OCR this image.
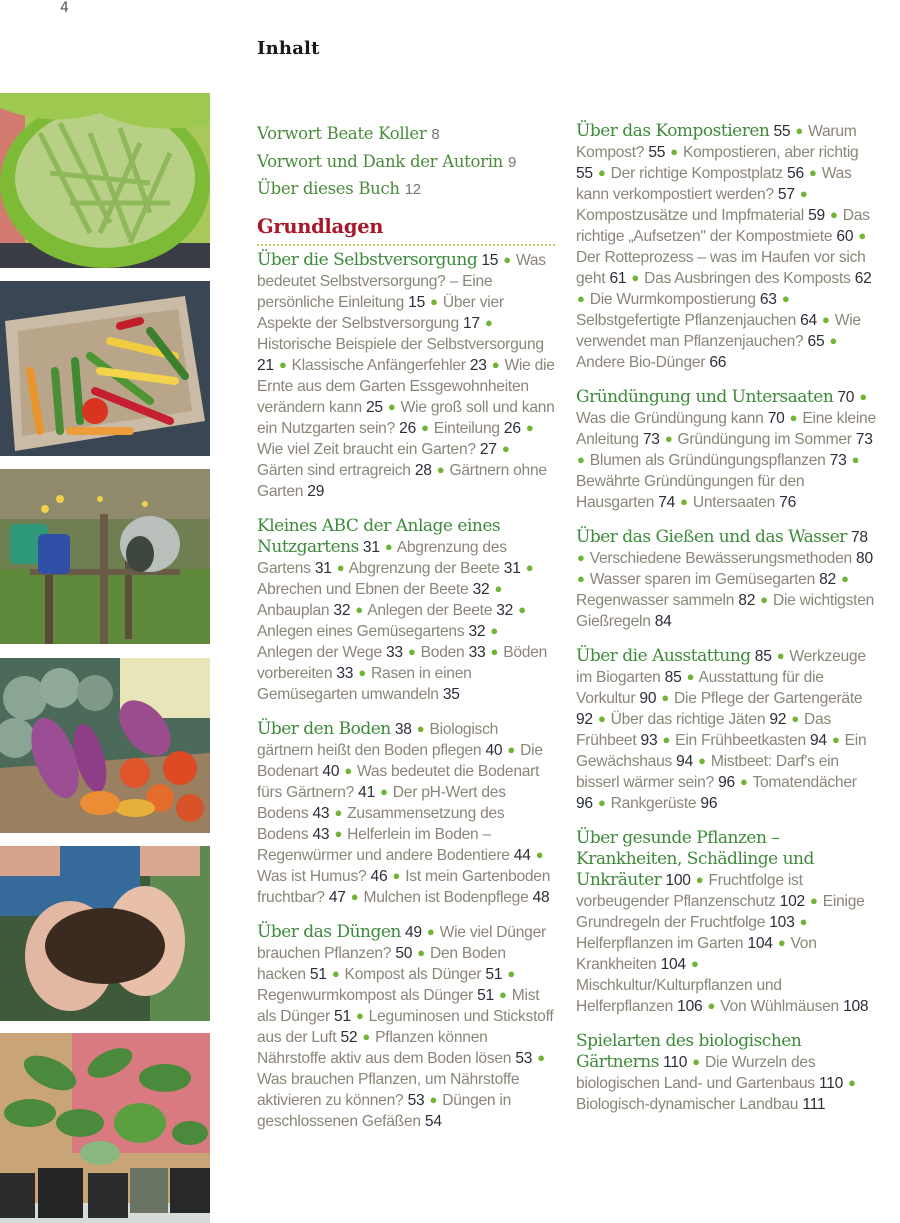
4
Inhalt
Vorwort Beate Koller 8
Vorwort und Dank der Autorin 9
Über dieses Buch 12
Grundlagen
Über die Selbstversorgung 15 ● Was bedeutet Selbstversorgung? – Eine persönliche Einleitung 15 ● Über vier Aspekte der Selbstversorgung 17 ● Historische Beispiele der Selbstversorgung 21 ● Klassische Anfängerfehler 23 ● Wie die Ernte aus dem Garten Essgewohnheiten verändern kann 25 ● Wie groß soll und kann ein Nutzgarten sein? 26 ● Einteilung 26 ● Wie viel Zeit braucht ein Garten? 27 ● Gärten sind ertragreich 28 ● Gärtnern ohne Garten 29
Kleines ABC der Anlage eines Nutzgartens 31 ● Abgrenzung des Gartens 31 ● Abgrenzung der Beete 31 ● Abrechen und Ebnen der Beete 32 ● Anbauplan 32 ● Anlegen der Beete 32 ● Anlegen eines Gemüsegartens 32 ● Anlegen der Wege 33 ● Boden 33 ● Böden vorbereiten 33 ● Rasen in einen Gemüsegarten umwandeln 35
Über den Boden 38 ● Biologisch gärtnern heißt den Boden pflegen 40 ● Die Bodenart 40 ● Was bedeutet die Bodenart fürs Gärtnern? 41 ● Der pH-Wert des Bodens 43 ● Zusammensetzung des Bodens 43 ● Helferlein im Boden – Regenwürmer und andere Bodentiere 44 ● Was ist Humus? 46 ● Ist mein Gartenboden fruchtbar? 47 ● Mulchen ist Bodenpflege 48
Über das Düngen 49 ● Wie viel Dünger brauchen Pflanzen? 50 ● Den Boden hacken 51 ● Kompost als Dünger 51 ● Regenwurmkompost als Dünger 51 ● Mist als Dünger 51 ● Leguminosen und Stickstoff aus der Luft 52 ● Pflanzen können Nährstoffe aktiv aus dem Boden lösen 53 ● Was brauchen Pflanzen, um Nährstoffe aktivieren zu können? 53 ● Düngen in geschlossenen Gefäßen 54
Über das Kompostieren 55 ● Warum Kompost? 55 ● Kompostieren, aber richtig 55 ● Der richtige Kompostplatz 56 ● Was kann verkompostiert werden? 57 ● Kompostzusätze und Impfmaterial 59 ● Das richtige „Aufsetzen" der Kompostmiete 60 ● Der Rotteprozess – was im Haufen vor sich geht 61 ● Das Ausbringen des Komposts 62 ● Die Wurmkompostierung 63 ● Selbstgefertigte Pflanzenjauchen 64 ● Wie verwendet man Pflanzenjauchen? 65 ● Andere Bio-Dünger 66
Gründüngung und Untersaaten 70 ● Was die Gründüngung kann 70 ● Eine kleine Anleitung 73 ● Gründüngung im Sommer 73 ● Blumen als Gründüngungspflanzen 73 ● Bewährte Gründüngungen für den Hausgarten 74 ● Untersaaten 76
Über das Gießen und das Wasser 78 ● Verschiedene Bewässerungsmethoden 80 ● Wasser sparen im Gemüsegarten 82 ● Regenwasser sammeln 82 ● Die wichtigsten Gießregeln 84
Über die Ausstattung 85 ● Werkzeuge im Biogarten 85 ● Ausstattung für die Vorkultur 90 ● Die Pflege der Gartengeräte 92 ● Über das richtige Jäten 92 ● Das Frühbeet 93 ● Ein Frühbeetkasten 94 ● Ein Gewächshaus 94 ● Mistbeet: Darf's ein bisserl wärmer sein? 96 ● Tomatendächer 96 ● Rankgerüste 96
Über gesunde Pflanzen – Krankheiten, Schädlinge und Unkräuter 100 ● Fruchtfolge ist vorbeugender Pflanzenschutz 102 ● Einige Grundregeln der Fruchtfolge 103 ● Helferpflanzen im Garten 104 ● Von Krankheiten 104 ● Mischkultur/Kulturpflanzen und Helferpflanzen 106 ● Von Wühlmäusen 108
Spielarten des biologischen Gärtnerns 110 ● Die Wurzeln des biologischen Land- und Gartenbaus 110 ● Biologisch-dynamischer Landbau 111
